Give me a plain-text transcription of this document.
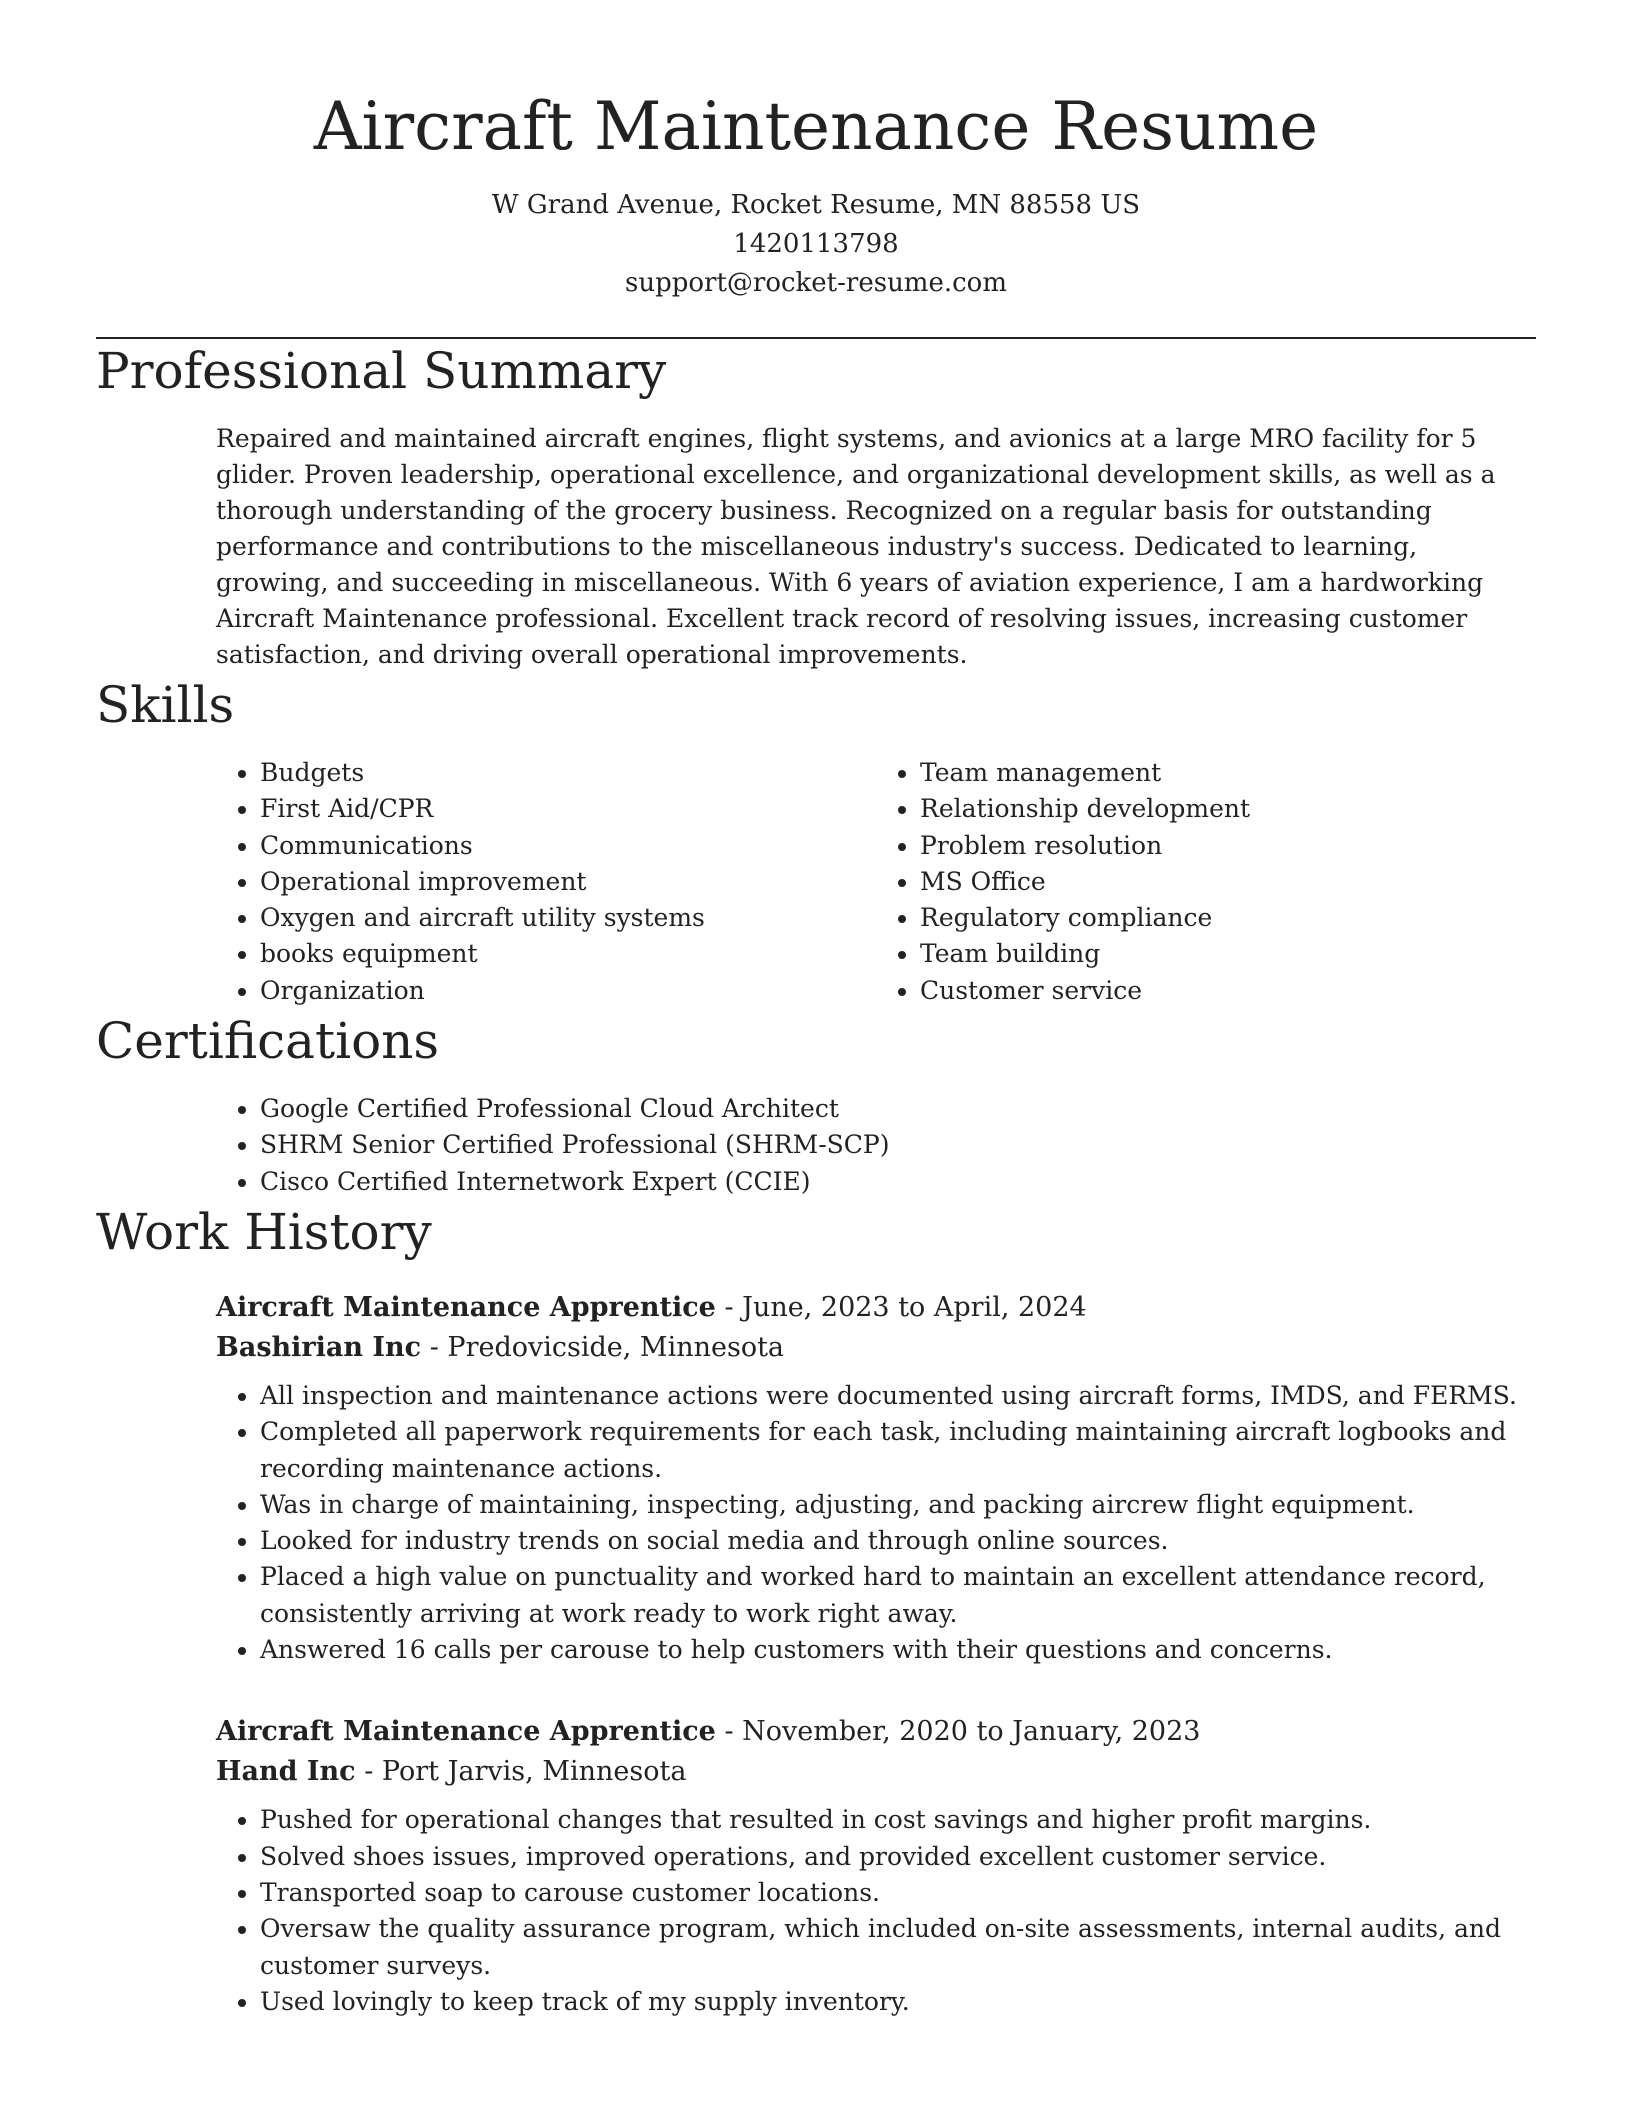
Aircraft Maintenance Resume
W Grand Avenue, Rocket Resume, MN 88558 US
1420113798
support@rocket-resume.com
Professional Summary

Repaired and maintained aircraft engines, flight systems, and avionics at a large MRO facility for 5 glider. Proven leadership, operational excellence, and organizational development skills, as well as a thorough understanding of the grocery business. Recognized on a regular basis for outstanding performance and contributions to the miscellaneous industry's success. Dedicated to learning, growing, and succeeding in miscellaneous. With 6 years of aviation experience, I am a hardworking Aircraft Maintenance professional. Excellent track record of resolving issues, increasing customer satisfaction, and driving overall operational improvements.

Skills
• Budgets
• First Aid/CPR
• Communications
• Operational improvement
• Oxygen and aircraft utility systems
• books equipment
• Organization
• Team management
• Relationship development
• Problem resolution
• MS Office
• Regulatory compliance
• Team building
• Customer service
Certifications
• Google Certified Professional Cloud Architect
• SHRM Senior Certified Professional (SHRM-SCP)
• Cisco Certified Internetwork Expert (CCIE)
Work History
Aircraft Maintenance Apprentice - June, 2023 to April, 2024
Bashirian Inc - Predovicside, Minnesota
• All inspection and maintenance actions were documented using aircraft forms, IMDS, and FERMS.
• Completed all paperwork requirements for each task, including maintaining aircraft logbooks and recording maintenance actions.
• Was in charge of maintaining, inspecting, adjusting, and packing aircrew flight equipment.
• Looked for industry trends on social media and through online sources.
• Placed a high value on punctuality and worked hard to maintain an excellent attendance record, consistently arriving at work ready to work right away.
• Answered 16 calls per carouse to help customers with their questions and concerns.
Aircraft Maintenance Apprentice - November, 2020 to January, 2023
Hand Inc - Port Jarvis, Minnesota
• Pushed for operational changes that resulted in cost savings and higher profit margins.
• Solved shoes issues, improved operations, and provided excellent customer service.
• Transported soap to carouse customer locations.
• Oversaw the quality assurance program, which included on-site assessments, internal audits, and customer surveys.
• Used lovingly to keep track of my supply inventory.
